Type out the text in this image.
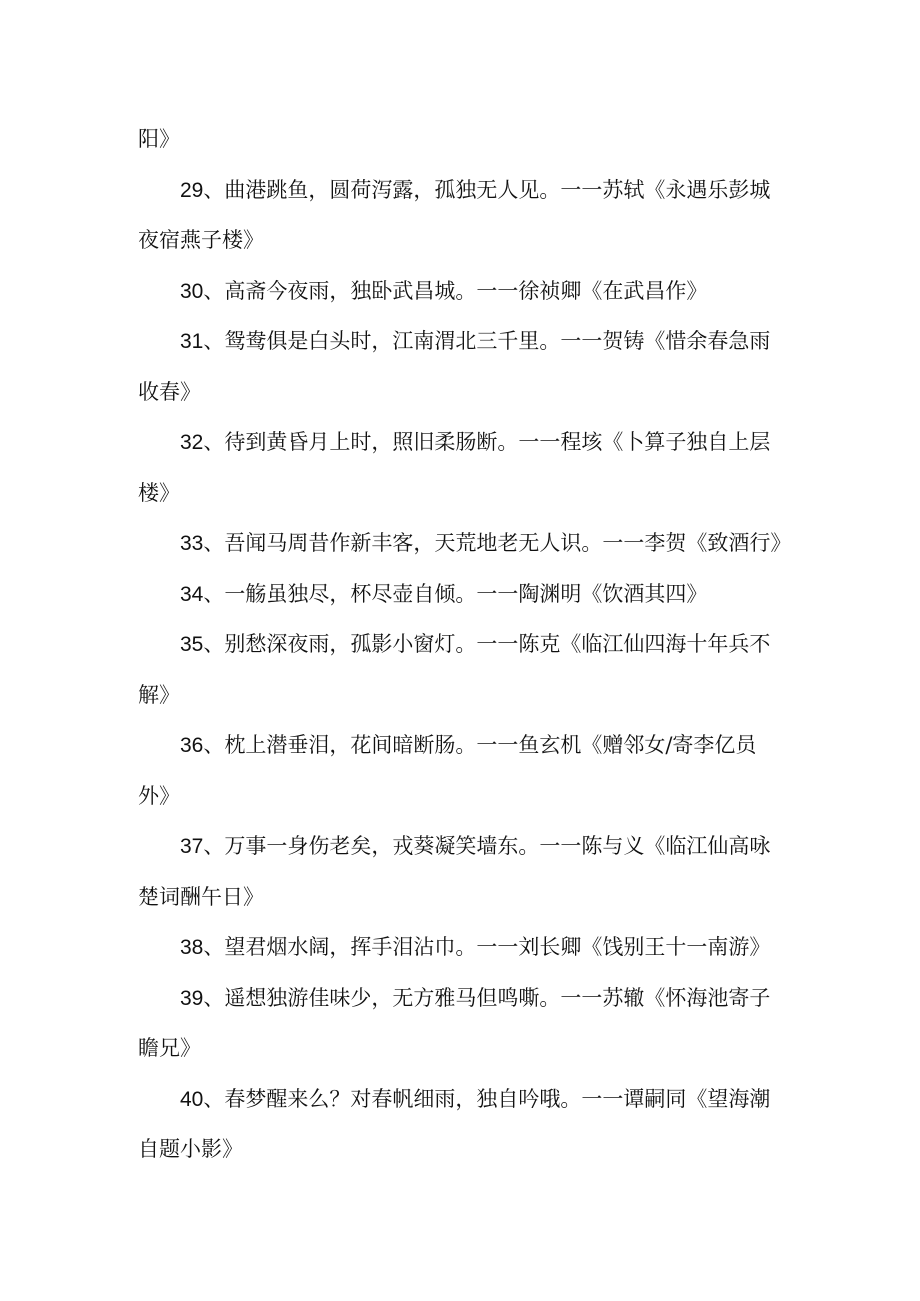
阳》
29、曲港跳鱼，圆荷泻露，孤独无人见。一一苏轼《永遇乐彭城
夜宿燕子楼》
30、高斋今夜雨，独卧武昌城。一一徐祯卿《在武昌作》
31、鸳鸯俱是白头时，江南渭北三千里。一一贺铸《惜余春急雨
收春》
32、待到黄昏月上时，照旧柔肠断。一一程垓《卜算子独自上层
楼》
33、吾闻马周昔作新丰客，天荒地老无人识。一一李贺《致酒行》
34、一觞虽独尽，杯尽壶自倾。一一陶渊明《饮酒其四》
35、别愁深夜雨，孤影小窗灯。一一陈克《临江仙四海十年兵不
解》
36、枕上潜垂泪，花间暗断肠。一一鱼玄机《赠邻女/寄李亿员
外》
37、万事一身伤老矣，戎葵凝笑墙东。一一陈与义《临江仙高咏
楚词酬午日》
38、望君烟水阔，挥手泪沾巾。一一刘长卿《饯别王十一南游》
39、遥想独游佳味少，无方雅马但鸣嘶。一一苏辙《怀海池寄子
瞻兄》
40、春梦醒来么？对春帆细雨，独自吟哦。一一谭嗣同《望海潮
自题小影》
